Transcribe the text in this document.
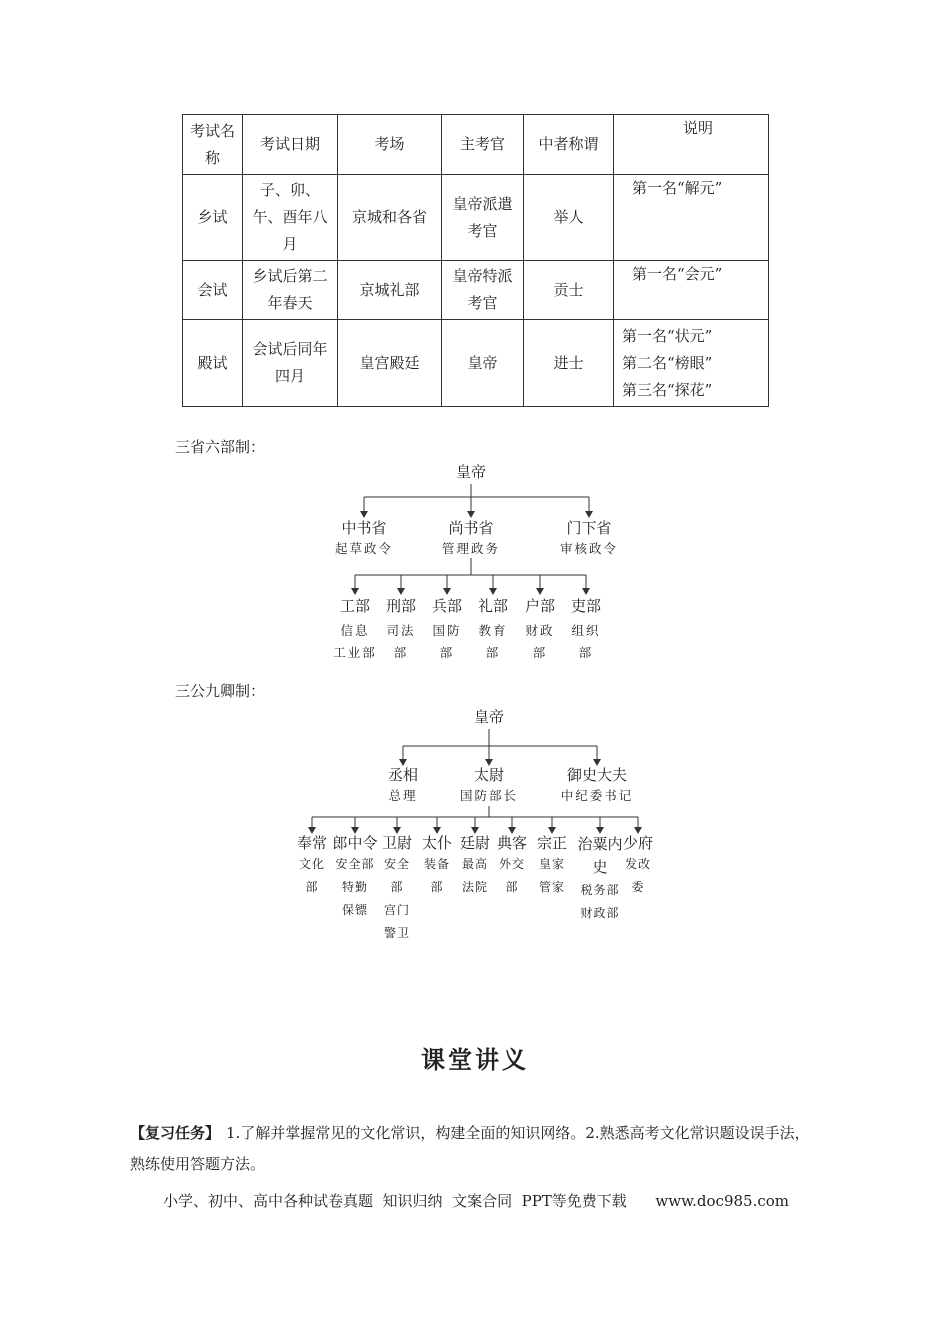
考试名称	考试日期	考场	主考官	中者称谓	说明
乡试	子、卯、午、酉年八月	京城和各省	皇帝派遣考官	举人	第一名“解元”

会试	乡试后第二年春天	京城礼部	皇帝特派考官	贡士	第一名“会元”

殿试	会试后同年四月	皇宫殿廷	皇帝	进士	第一名“状元”
第二名“榜眼”
第三名“探花”
三省六部制：
皇帝
中书省
起草政令
尚书省
管理政务
门下省
审核政令
工部
信息
工业部
刑部
司法
部
兵部
国防
部
礼部
教育
部
户部
财政
部
吏部
组织
部
三公九卿制：
皇帝
丞相
总理
太尉
国防部长
御史大夫
中纪委书记
奉常
文化
部
郎中令
安全部
特勤
保镖
卫尉
安全
部
宫门
警卫
太仆
装备
部
廷尉
最高
法院
典客
外交
部
宗正
皇家
管家
治粟内史
税务部
财政部
少府
发改
委
课堂讲义
【复习任务】 1.了解并掌握常见的文化常识，构建全面的知识网络。2.熟悉高考文化常识题设误手法，熟练使用答题方法。
小学、初中、高中各种试卷真题  知识归纳  文案合同  PPT等免费下载 www.doc985.com
